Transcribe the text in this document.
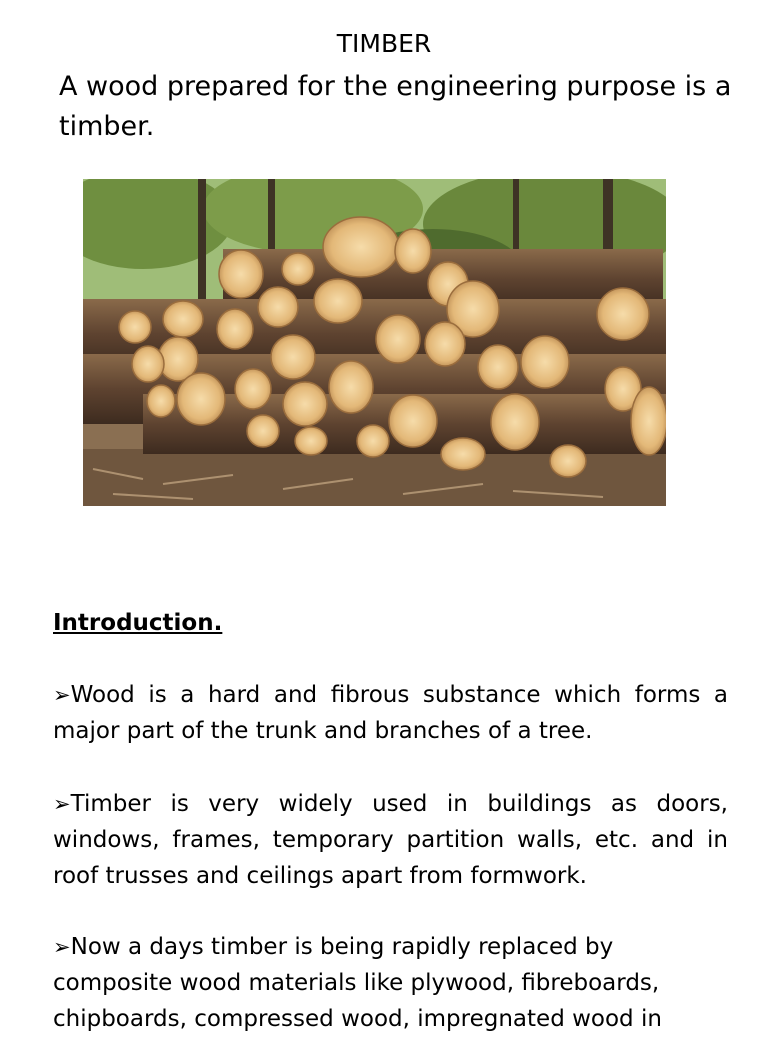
TIMBER
A wood prepared for the engineering purpose is a timber.
Introduction.
➢Wood is a hard and fibrous substance which forms a major part of the trunk and branches of a tree.
➢Timber is very widely used in buildings as doors, windows, frames, temporary partition walls, etc. and in roof trusses and ceilings apart from formwork.
➢Now a days timber is being rapidly replaced by composite wood materials like plywood, fibreboards, chipboards, compressed wood, impregnated wood in
